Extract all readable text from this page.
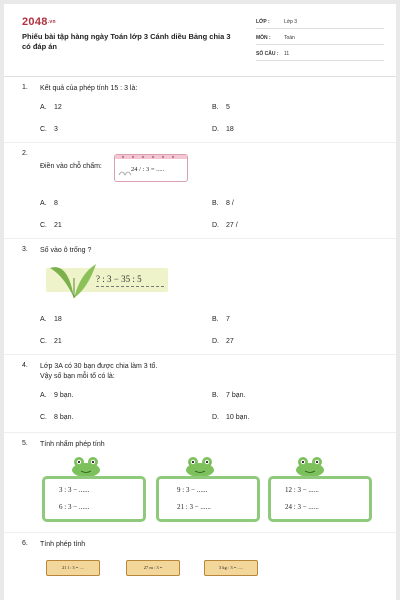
2048.vn
Phiếu bài tập hàng ngày Toán lớp 3 Cánh diều Bảng chia 3 có đáp án
LỚP :	Lớp 3
MÔN :	Toán
SỐ CÂU : 11
1. Kết quả của phép tính 15 : 3 là:
A. 12	B. 5
C. 3	D. 18
2.
Điền vào chỗ chấm:	24 / : 3 = .....
A. 8	B. 8 /
C. 21	D. 27 /
3. Số vào ô trống ?
? : 3 − 35 : 5
A. 18	B. 7
C. 21	D. 27
4. Lớp 3A có 30 bạn được chia làm 3 tổ.
Vậy số bạn mỗi tổ có là:
A. 9 bạn.	B. 7 bạn.
C. 8 bạn.	D. 10 bạn.
5. Tính nhẩm phép tính
3 : 3 − ......
6 : 3 − ......
9 : 3 − ......
21 : 3 − ......
12 : 3 − ......
24 : 3 − ......
6. Tính phép tính
21 l : 3 = ....	27 m : 3 =	3 kg : 3 = .....
